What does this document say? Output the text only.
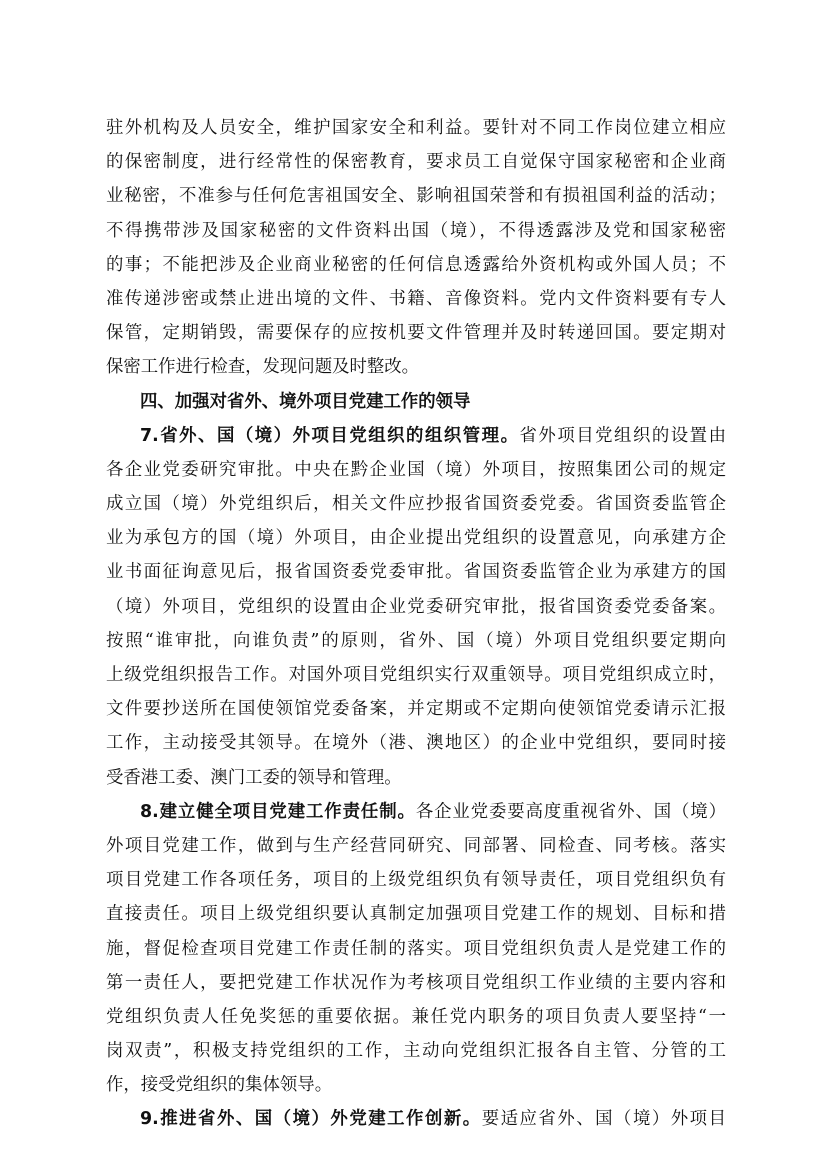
驻外机构及人员安全，维护国家安全和利益。要针对不同工作岗位建立相应
的保密制度，进行经常性的保密教育，要求员工自觉保守国家秘密和企业商
业秘密，不准参与任何危害祖国安全、影响祖国荣誉和有损祖国利益的活动；
不得携带涉及国家秘密的文件资料出国（境），不得透露涉及党和国家秘密
的事；不能把涉及企业商业秘密的任何信息透露给外资机构或外国人员；不
准传递涉密或禁止进出境的文件、书籍、音像资料。党内文件资料要有专人
保管，定期销毁，需要保存的应按机要文件管理并及时转递回国。要定期对
保密工作进行检查，发现问题及时整改。
四、加强对省外、境外项目党建工作的领导
7.省外、国（境）外项目党组织的组织管理。省外项目党组织的设置由
各企业党委研究审批。中央在黔企业国（境）外项目，按照集团公司的规定
成立国（境）外党组织后，相关文件应抄报省国资委党委。省国资委监管企
业为承包方的国（境）外项目，由企业提出党组织的设置意见，向承建方企
业书面征询意见后，报省国资委党委审批。省国资委监管企业为承建方的国
（境）外项目，党组织的设置由企业党委研究审批，报省国资委党委备案。
按照“谁审批，向谁负责”的原则，省外、国（境）外项目党组织要定期向
上级党组织报告工作。对国外项目党组织实行双重领导。项目党组织成立时，
文件要抄送所在国使领馆党委备案，并定期或不定期向使领馆党委请示汇报
工作，主动接受其领导。在境外（港、澳地区）的企业中党组织，要同时接
受香港工委、澳门工委的领导和管理。
8.建立健全项目党建工作责任制。各企业党委要高度重视省外、国（境）
外项目党建工作，做到与生产经营同研究、同部署、同检查、同考核。落实
项目党建工作各项任务，项目的上级党组织负有领导责任，项目党组织负有
直接责任。项目上级党组织要认真制定加强项目党建工作的规划、目标和措
施，督促检查项目党建工作责任制的落实。项目党组织负责人是党建工作的
第一责任人，要把党建工作状况作为考核项目党组织工作业绩的主要内容和
党组织负责人任免奖惩的重要依据。兼任党内职务的项目负责人要坚持“一
岗双责”，积极支持党组织的工作，主动向党组织汇报各自主管、分管的工
作，接受党组织的集体领导。
9.推进省外、国（境）外党建工作创新。要适应省外、国（境）外项目
